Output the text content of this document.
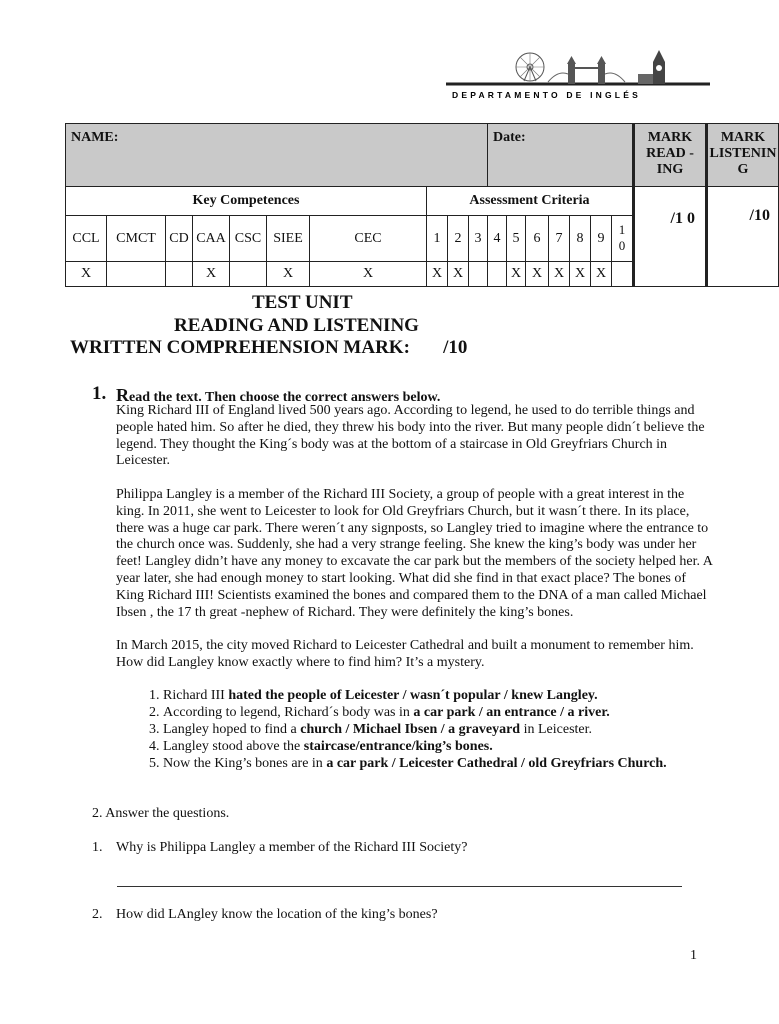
DEPARTAMENTO DE INGLÉS
NAME:										Date:							MARK READ -ING	MARK LISTENIN G
Key Competences							Assessment Criteria										/1 0	/10

CCL	CMCT	CD	CAA	CSC	SIEE	CEC	1	2	3	4	5	6	7	8	9	1 0		
X			X		X	X	X	X			X	X	X	X	X			
TEST UNIT
READING AND LISTENING
WRITTEN COMPREHENSION MARK:       /10
1. Read the text. Then choose the correct answers below.
King Richard III of England lived 500 years ago. According to legend, he used to do terrible things and people hated him. So after he died, they threw his body into the river. But many people didn´t believe the legend. They thought the King´s body was at the bottom of a staircase in Old Greyfriars Church in Leicester.
Philippa Langley is a member of the Richard III Society, a group of people with a great interest in the king. In 2011, she went to Leicester to look for Old Greyfriars Church, but it wasn´t there. In its place, there was a huge car park. There weren´t any signposts, so Langley tried to imagine where the entrance to the church once was. Suddenly, she had a very strange feeling. She knew the king’s body was under her feet! Langley didn’t have any money to excavate the car park but the members of the society helped her. A year later, she had enough money to start looking. What did she find in that exact place? The bones of King Richard III! Scientists examined the bones and compared them to the DNA of a man called Michael Ibsen , the 17 th great -nephew of Richard. They were definitely the king’s bones.
In March 2015, the city moved Richard to Leicester Cathedral and built a monument to remember him. How did Langley know exactly where to find him? It’s a mystery.
1. Richard III hated the people of Leicester / wasn´t popular / knew Langley.
2. According to legend, Richard´s body was in a car park / an entrance / a river.
3. Langley hoped to find a church / Michael Ibsen / a graveyard in Leicester.
4. Langley stood above the staircase/entrance/king’s bones.
5. Now the King’s bones are in a car park / Leicester Cathedral / old Greyfriars Church.
2. Answer the questions.
1. Why is Philippa Langley a member of the Richard III Society?
2. How did LAngley know the location of the king’s bones?
1
